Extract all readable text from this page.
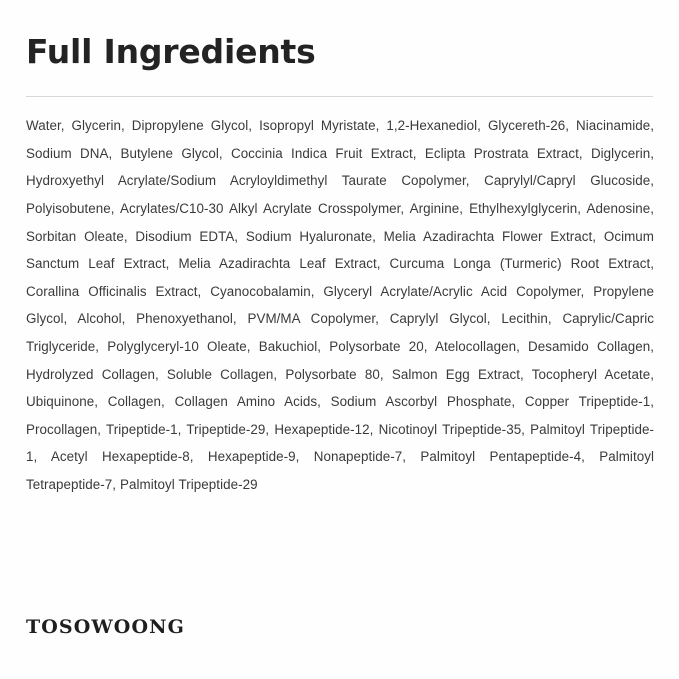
Full Ingredients

Water, Glycerin, Dipropylene Glycol, Isopropyl Myristate, 1,2-Hexanediol, Glycereth-26, Niacinamide, Sodium DNA, Butylene Glycol, Coccinia Indica Fruit Extract, Eclipta Prostrata Extract, Diglycerin, Hydroxyethyl Acrylate/Sodium Acryloyldimethyl Taurate Copolymer, Caprylyl/Capryl Glucoside, Polyisobutene, Acrylates/C10-30 Alkyl Acrylate Crosspolymer, Arginine, Ethylhexylglycerin, Adenosine, Sorbitan Oleate, Disodium EDTA, Sodium Hyaluronate, Melia Azadirachta Flower Extract, Ocimum Sanctum Leaf Extract, Melia Azadirachta Leaf Extract, Curcuma Longa (Turmeric) Root Extract, Corallina Officinalis Extract, Cyanocobalamin, Glyceryl Acrylate/Acrylic Acid Copolymer, Propylene Glycol, Alcohol, Phenoxyethanol, PVM/MA Copolymer, Caprylyl Glycol, Lecithin, Caprylic/Capric Triglyceride, Polyglyceryl-10 Oleate, Bakuchiol, Polysorbate 20, Atelocollagen, Desamido Collagen, Hydrolyzed Collagen, Soluble Collagen, Polysorbate 80, Salmon Egg Extract, Tocopheryl Acetate, Ubiquinone, Collagen, Collagen Amino Acids, Sodium Ascorbyl Phosphate, Copper Tripeptide-1, Procollagen, Tripeptide-1, Tripeptide-29, Hexapeptide-12, Nicotinoyl Tripeptide-35, Palmitoyl Tripeptide-1, Acetyl Hexapeptide-8, Hexapeptide-9, Nonapeptide-7, Palmitoyl Pentapeptide-4, Palmitoyl Tetrapeptide-7, Palmitoyl Tripeptide-29

TOSOWOONG
